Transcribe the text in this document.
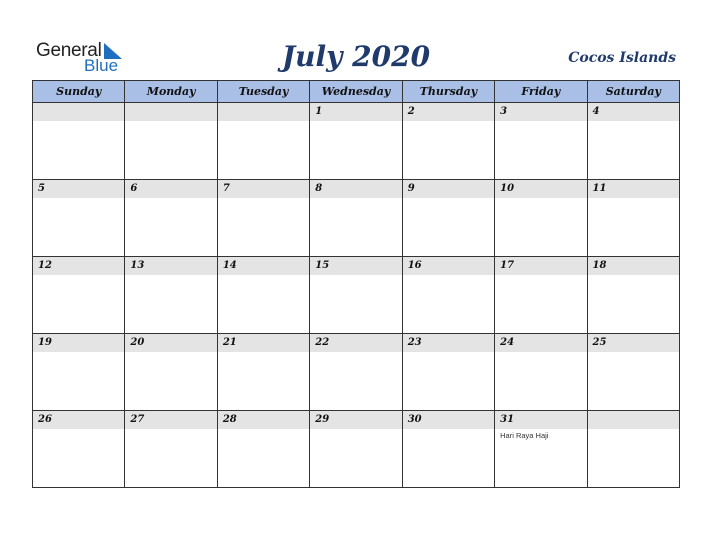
General
Blue	July 2020	Cocos Islands
Sunday	Monday	Tuesday	Wednesday	Thursday	Friday	Saturday

			1	2	3	4

5	6	7	8	9	10	11

12	13	14	15	16	17	18

19	20	21	22	23	24	25

26	27	28	29	30	31
Hari Raya Haji	
